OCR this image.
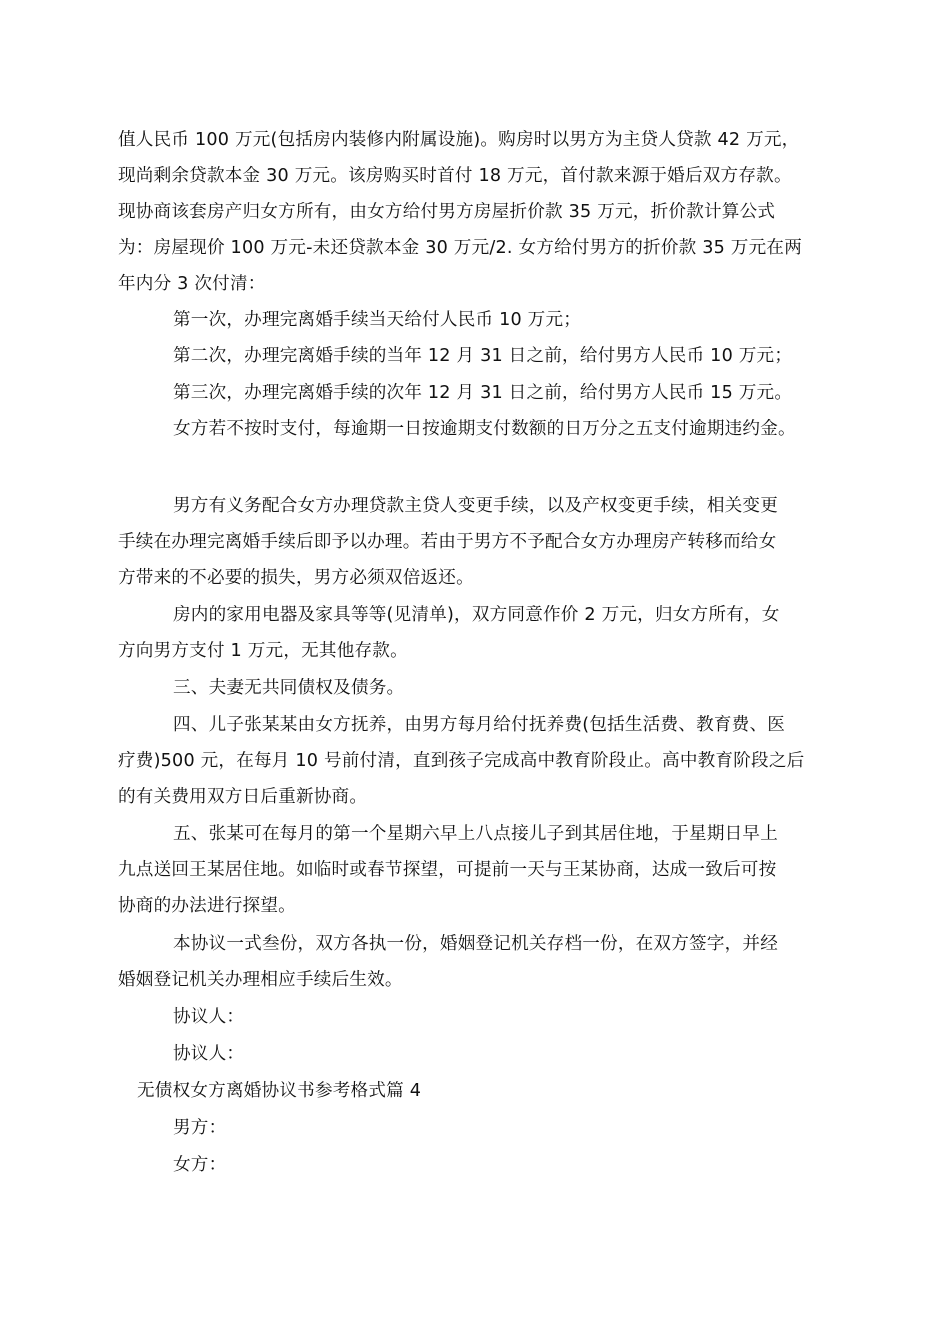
值人民币 100 万元(包括房内装修内附属设施)。购房时以男方为主贷人贷款 42 万元，
现尚剩余贷款本金 30 万元。该房购买时首付 18 万元，首付款来源于婚后双方存款。
现协商该套房产归女方所有，由女方给付男方房屋折价款 35 万元，折价款计算公式
为：房屋现价 100 万元-未还贷款本金 30 万元/2. 女方给付男方的折价款 35 万元在两
年内分 3 次付清：
第一次，办理完离婚手续当天给付人民币 10 万元；
第二次，办理完离婚手续的当年 12 月 31 日之前，给付男方人民币 10 万元；
第三次，办理完离婚手续的次年 12 月 31 日之前，给付男方人民币 15 万元。
女方若不按时支付，每逾期一日按逾期支付数额的日万分之五支付逾期违约金。
男方有义务配合女方办理贷款主贷人变更手续，以及产权变更手续，相关变更
手续在办理完离婚手续后即予以办理。若由于男方不予配合女方办理房产转移而给女
方带来的不必要的损失，男方必须双倍返还。
房内的家用电器及家具等等(见清单)，双方同意作价 2 万元，归女方所有，女
方向男方支付 1 万元，无其他存款。
三、夫妻无共同债权及债务。
四、儿子张某某由女方抚养，由男方每月给付抚养费(包括生活费、教育费、医
疗费)500 元，在每月 10 号前付清，直到孩子完成高中教育阶段止。高中教育阶段之后
的有关费用双方日后重新协商。
五、张某可在每月的第一个星期六早上八点接儿子到其居住地，于星期日早上
九点送回王某居住地。如临时或春节探望，可提前一天与王某协商，达成一致后可按
协商的办法进行探望。
本协议一式叁份，双方各执一份，婚姻登记机关存档一份，在双方签字，并经
婚姻登记机关办理相应手续后生效。
协议人：
协议人：
无债权女方离婚协议书参考格式篇 4
男方：
女方：
